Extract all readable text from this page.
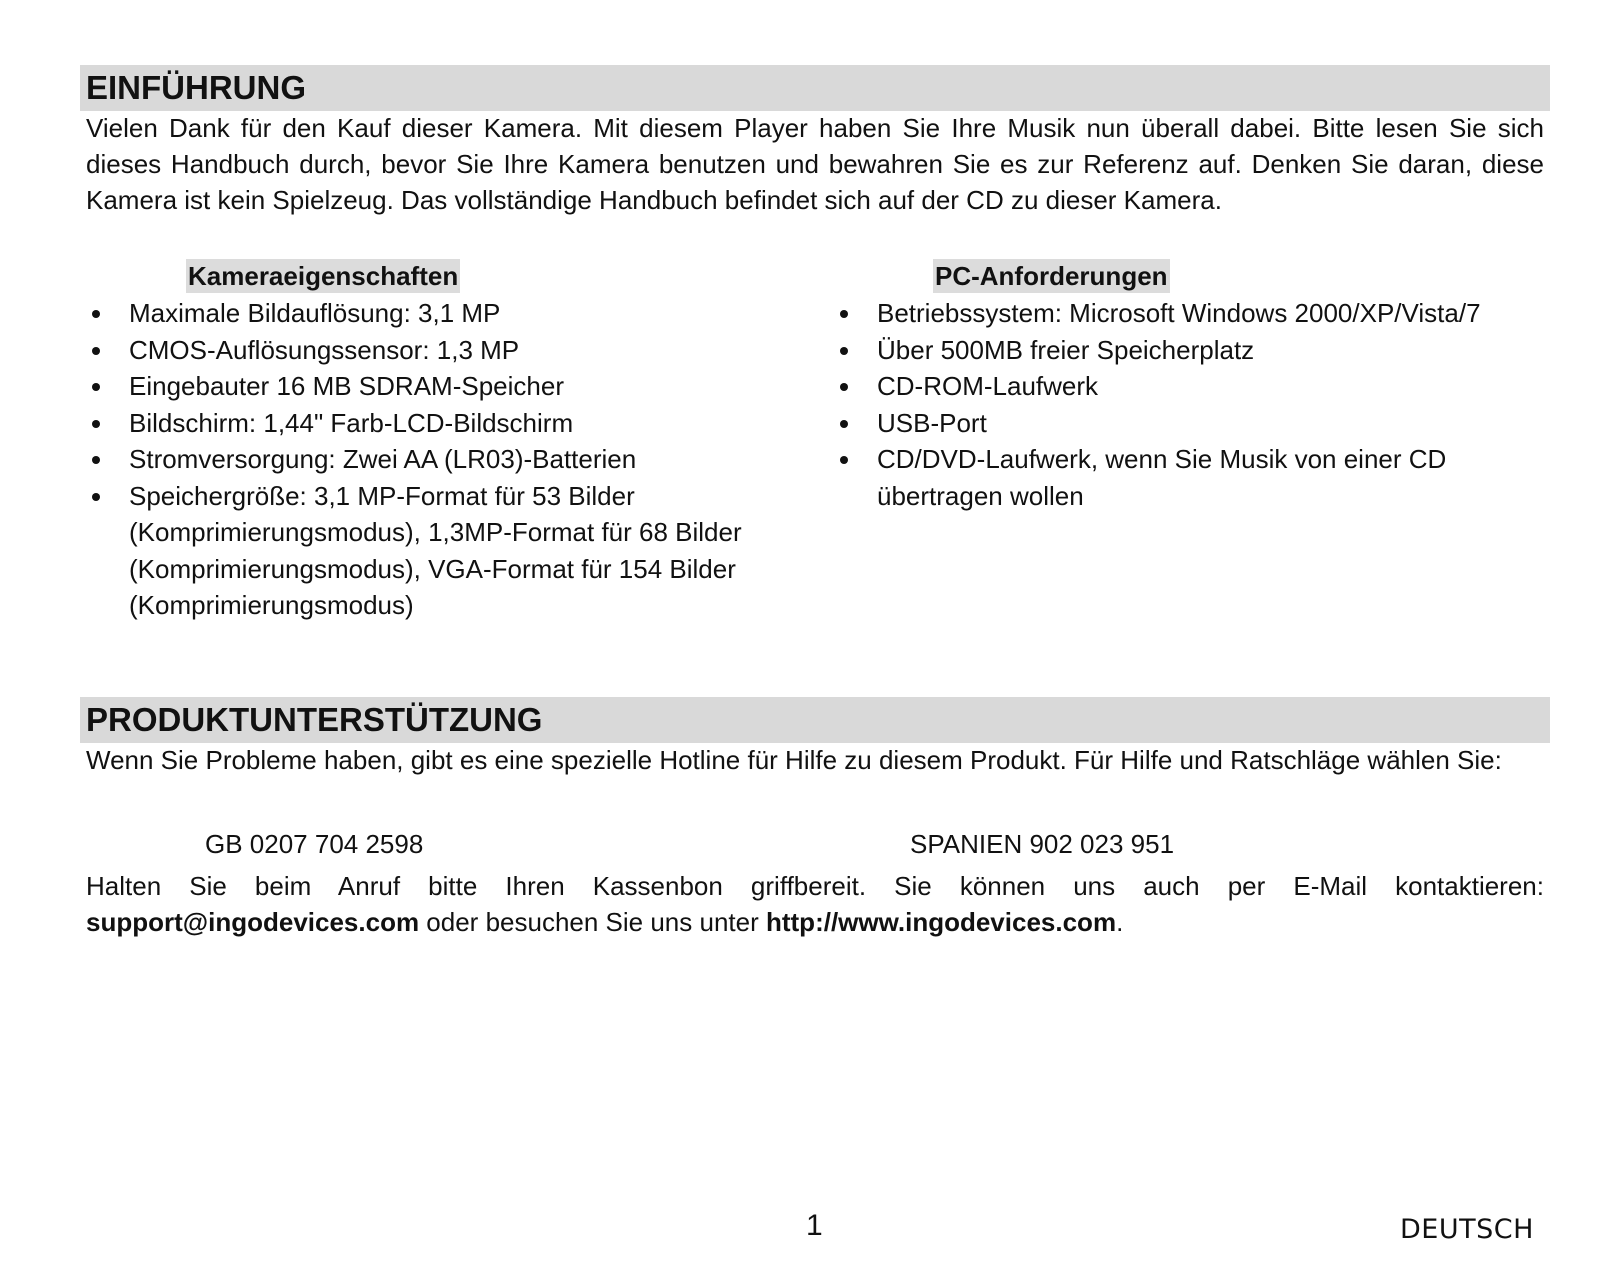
EINFÜHRUNG

Vielen Dank für den Kauf dieser Kamera. Mit diesem Player haben Sie Ihre Musik nun überall dabei. Bitte lesen Sie sich dieses Handbuch durch, bevor Sie Ihre Kamera benutzen und bewahren Sie es zur Referenz auf. Denken Sie daran, diese Kamera ist kein Spielzeug. Das vollständige Handbuch befindet sich auf der CD zu dieser Kamera.

Kameraeigenschaften
Maximale Bildauflösung: 3,1 MP
CMOS-Auflösungssensor: 1,3 MP
Eingebauter 16 MB SDRAM-Speicher
Bildschirm: 1,44" Farb-LCD-Bildschirm
Stromversorgung: Zwei AA (LR03)-Batterien
Speichergröße: 3,1 MP-Format für 53 Bilder (Komprimierungsmodus), 1,3MP-Format für 68 Bilder (Komprimierungsmodus), VGA-Format für 154 Bilder (Komprimierungsmodus)
PC-Anforderungen
Betriebssystem: Microsoft Windows 2000/XP/Vista/7
Über 500MB freier Speicherplatz
CD-ROM-Laufwerk
USB-Port
CD/DVD-Laufwerk, wenn Sie Musik von einer CD übertragen wollen
PRODUKTUNTERSTÜTZUNG

Wenn Sie Probleme haben, gibt es eine spezielle Hotline für Hilfe zu diesem Produkt. Für Hilfe und Ratschläge wählen Sie:

GB 0207 704 2598	SPANIEN 902 023 951

Halten Sie beim Anruf bitte Ihren Kassenbon griffbereit. Sie können uns auch per E-Mail kontaktieren: support@ingodevices.com oder besuchen Sie uns unter http://www.ingodevices.com.

1	DEUTSCH
